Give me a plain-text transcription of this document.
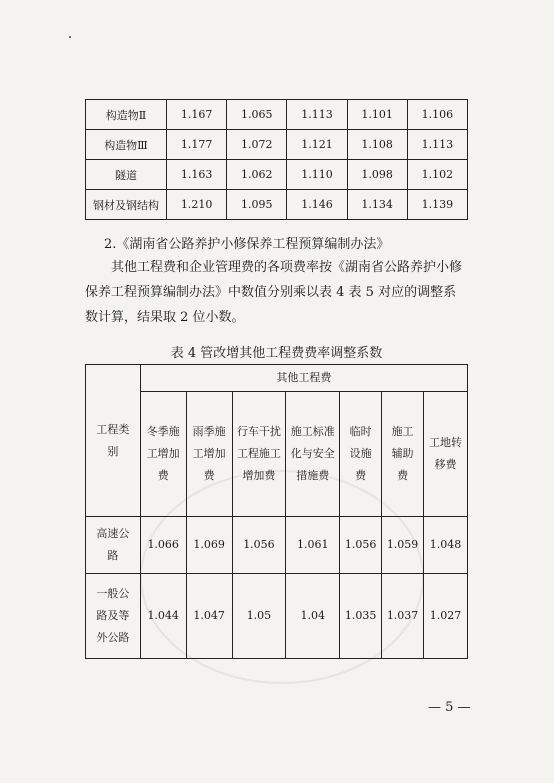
构造物Ⅱ	1.167	1.065	1.113	1.101	1.106
构造物Ⅲ	1.177	1.072	1.121	1.108	1.113
隧道	1.163	1.062	1.110	1.098	1.102
钢材及钢结构	1.210	1.095	1.146	1.134	1.139
2.《湖南省公路养护小修保养工程预算编制办法》
其他工程费和企业管理费的各项费率按《湖南省公路养护小修保养工程预算编制办法》中数值分别乘以表 4 表 5 对应的调整系数计算，结果取 2 位小数。
表 4 管改增其他工程费费率调整系数
工程类别	其他工程费						
	冬季施工增加费	雨季施工增加费	行车干扰工程施工增加费	施工标准化与安全措施费	临时设施费	施工辅助费	工地转移费
高速公路	1.066	1.069	1.056	1.061	1.056	1.059	1.048
一般公路及等外公路	1.044	1.047	1.05	1.04	1.035	1.037	1.027
— 5 —
